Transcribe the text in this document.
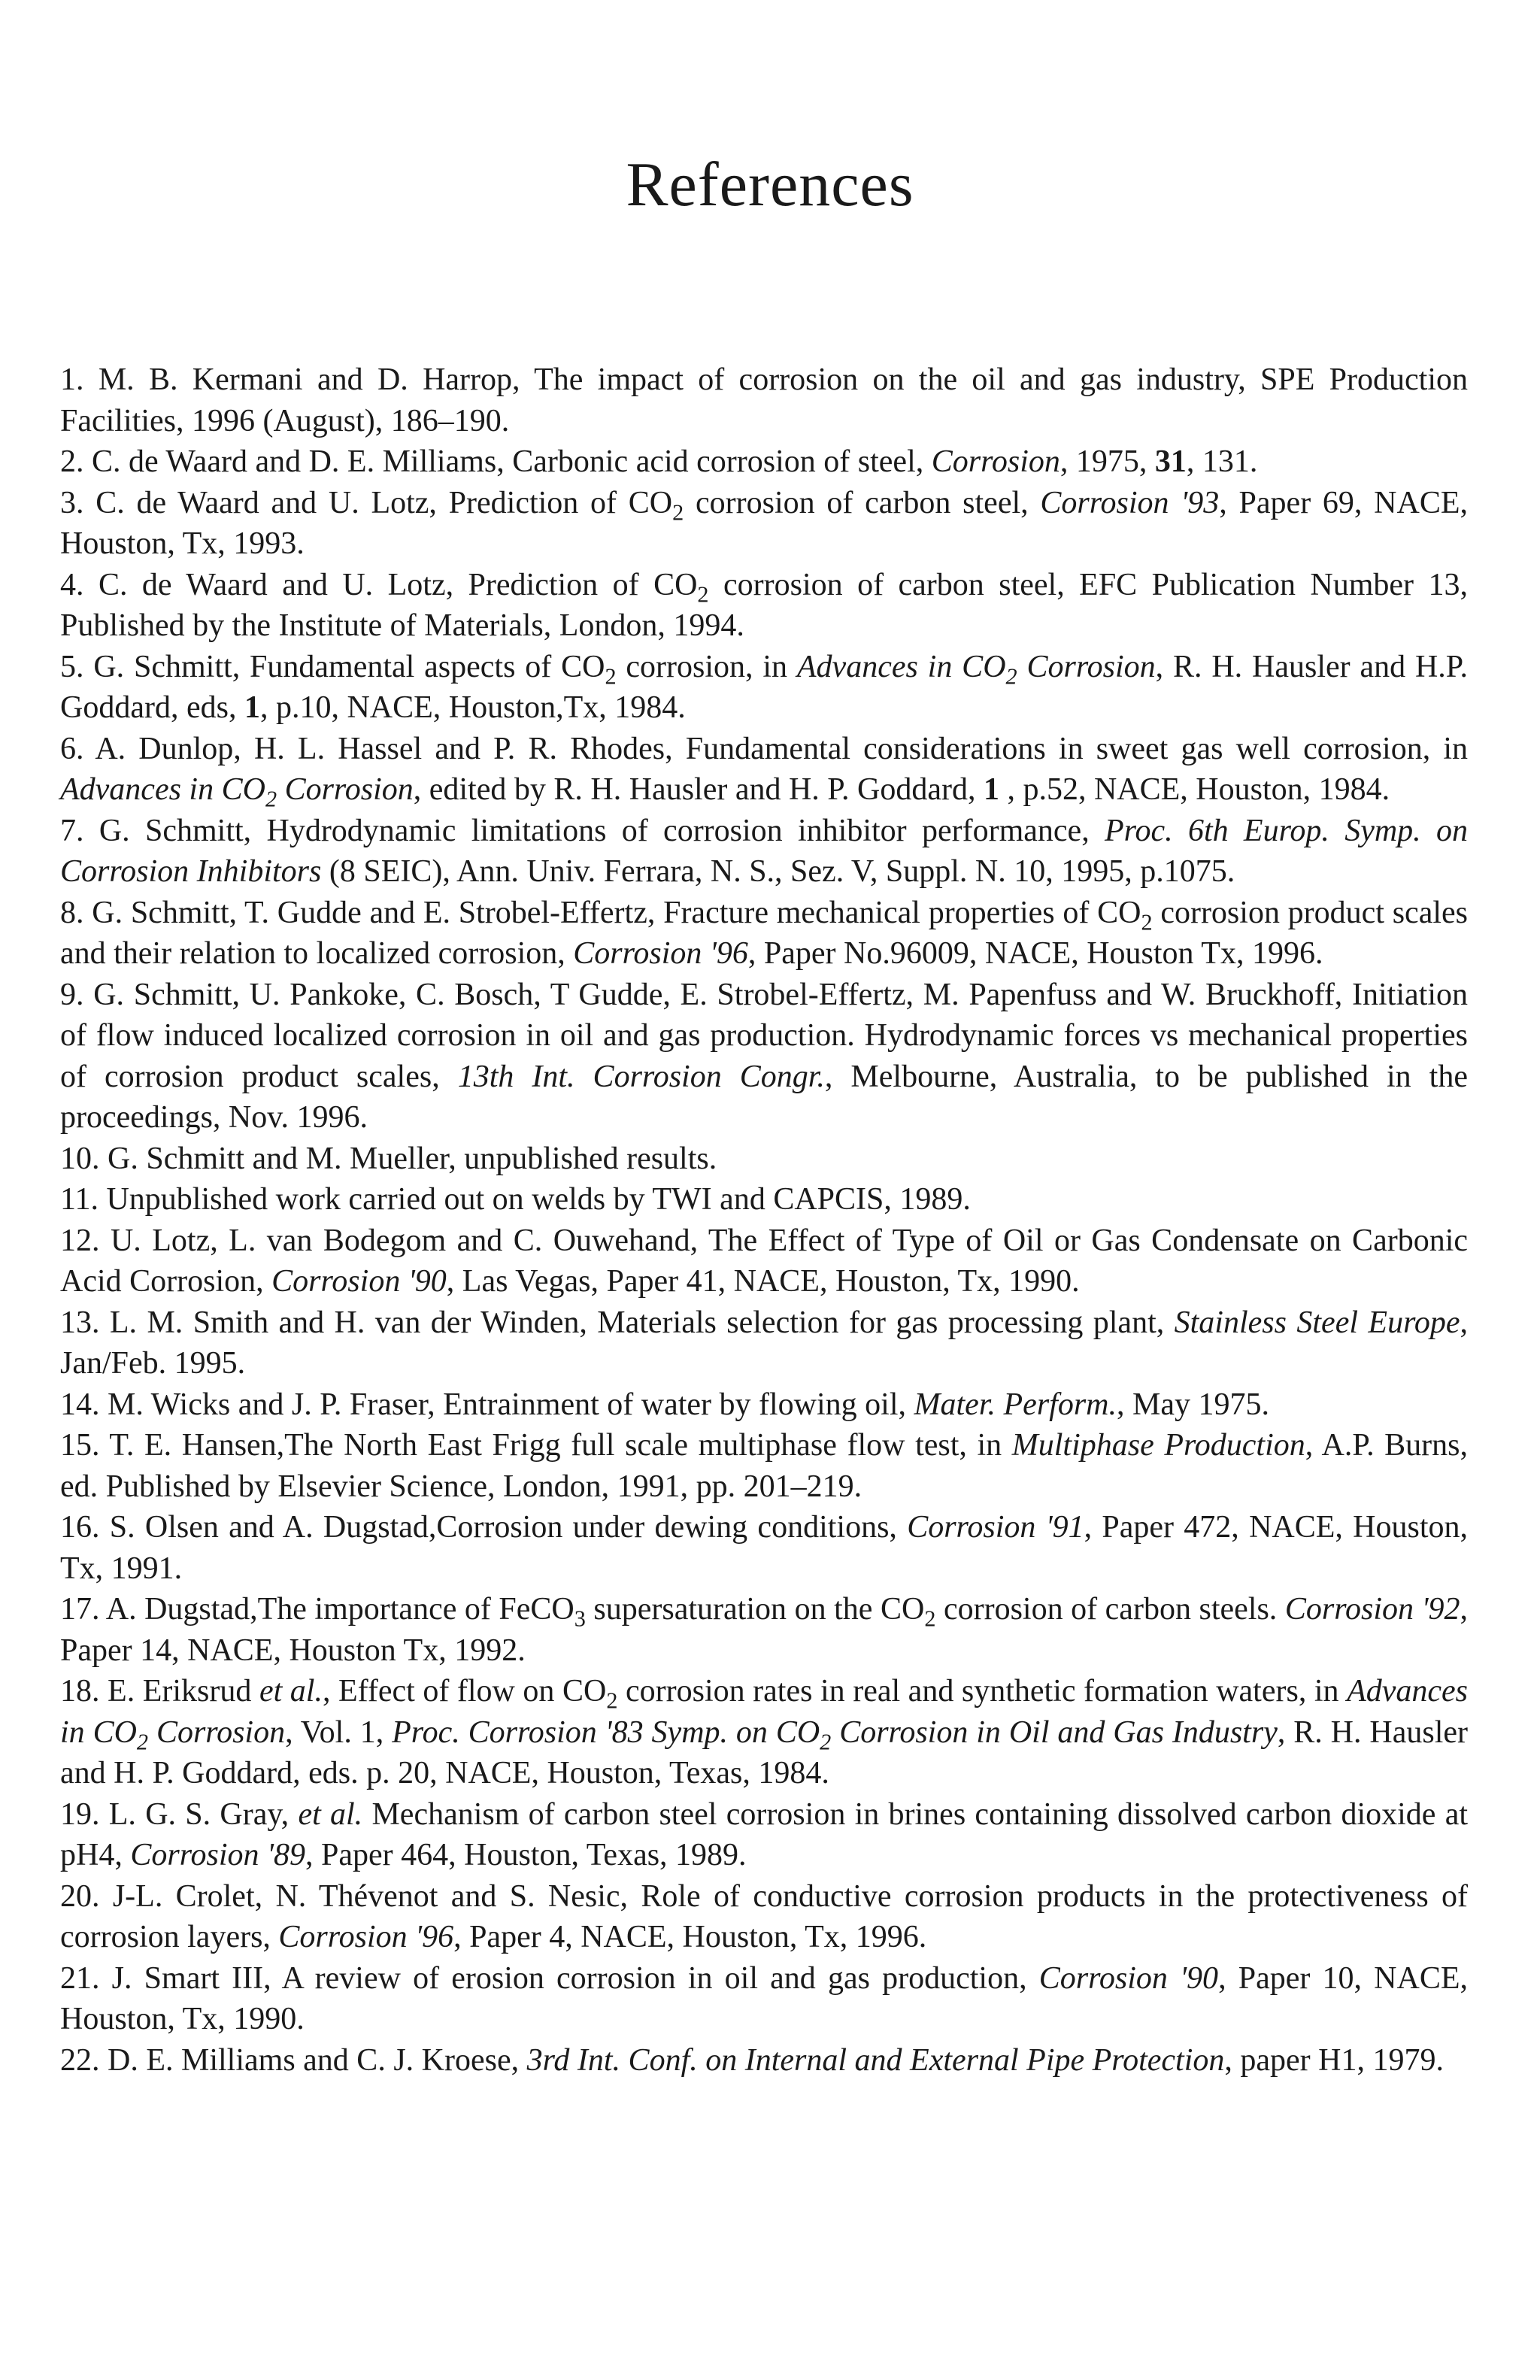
References
1. M. B. Kermani and D. Harrop, The impact of corrosion on the oil and gas industry, SPE Production Facilities, 1996 (August), 186–190.
2. C. de Waard and D. E. Milliams, Carbonic acid corrosion of steel, Corrosion, 1975, 31, 131.
3. C. de Waard and U. Lotz, Prediction of $CO_2$ corrosion of carbon steel, Corrosion '93, Paper 69, NACE, Houston, Tx, 1993.
4. C. de Waard and U. Lotz, Prediction of $CO_2$ corrosion of carbon steel, EFC Publication Number 13, Published by the Institute of Materials, London, 1994.
5. G. Schmitt, Fundamental aspects of $CO_2$ corrosion, in Advances in $CO_2$ Corrosion, R. H. Hausler and H.P. Goddard, eds, 1, p.10, NACE, Houston,Tx, 1984.
6. A. Dunlop, H. L. Hassel and P. R. Rhodes, Fundamental considerations in sweet gas well corrosion, in Advances in $CO_2$ Corrosion, edited by R. H. Hausler and H. P. Goddard, 1 , p.52, NACE, Houston, 1984.
7. G. Schmitt, Hydrodynamic limitations of corrosion inhibitor performance, Proc. 6th Europ. Symp. on Corrosion Inhibitors (8 SEIC), Ann. Univ. Ferrara, N. S., Sez. V, Suppl. N. 10, 1995, p.1075.
8. G. Schmitt, T. Gudde and E. Strobel-Effertz, Fracture mechanical properties of $CO_2$ corrosion product scales and their relation to localized corrosion, Corrosion '96, Paper No.96009, NACE, Houston Tx, 1996.
9. G. Schmitt, U. Pankoke, C. Bosch, T Gudde, E. Strobel-Effertz, M. Papenfuss and W. Bruckhoff, Initiation of flow induced localized corrosion in oil and gas production. Hydrodynamic forces vs mechanical properties of corrosion product scales, 13th Int. Corrosion Congr., Melbourne, Australia, to be published in the proceedings, Nov. 1996.
10. G. Schmitt and M. Mueller, unpublished results.
11. Unpublished work carried out on welds by TWI and CAPCIS, 1989.
12. U. Lotz, L. van Bodegom and C. Ouwehand, The Effect of Type of Oil or Gas Condensate on Carbonic Acid Corrosion, Corrosion '90, Las Vegas, Paper 41, NACE, Houston, Tx, 1990.
13. L. M. Smith and H. van der Winden, Materials selection for gas processing plant, Stainless Steel Europe, Jan/Feb. 1995.
14. M. Wicks and J. P. Fraser, Entrainment of water by flowing oil, Mater. Perform., May 1975.
15. T. E. Hansen,The North East Frigg full scale multiphase flow test, in Multiphase Production, A.P. Burns, ed. Published by Elsevier Science, London, 1991, pp. 201–219.
16. S. Olsen and A. Dugstad,Corrosion under dewing conditions, Corrosion '91, Paper 472, NACE, Houston, Tx, 1991.
17. A. Dugstad,The importance of FeCO$_3$ supersaturation on the $CO_2$ corrosion of carbon steels. Corrosion '92, Paper 14, NACE, Houston Tx, 1992.
18. E. Eriksrud et al., Effect of flow on $CO_2$ corrosion rates in real and synthetic formation waters, in Advances in $CO_2$ Corrosion, Vol. 1, Proc. Corrosion '83 Symp. on $CO_2$ Corrosion in Oil and Gas Industry, R. H. Hausler and H. P. Goddard, eds. p. 20, NACE, Houston, Texas, 1984.
19. L. G. S. Gray, et al. Mechanism of carbon steel corrosion in brines containing dissolved carbon dioxide at pH4, Corrosion '89, Paper 464, Houston, Texas, 1989.
20. J-L. Crolet, N. Thévenot and S. Nesic, Role of conductive corrosion products in the protectiveness of corrosion layers, Corrosion '96, Paper 4, NACE, Houston, Tx, 1996.
21. J. Smart III, A review of erosion corrosion in oil and gas production, Corrosion '90, Paper 10, NACE, Houston, Tx, 1990.
22. D. E. Milliams and C. J. Kroese, 3rd Int. Conf. on Internal and External Pipe Protection, paper H1, 1979.
